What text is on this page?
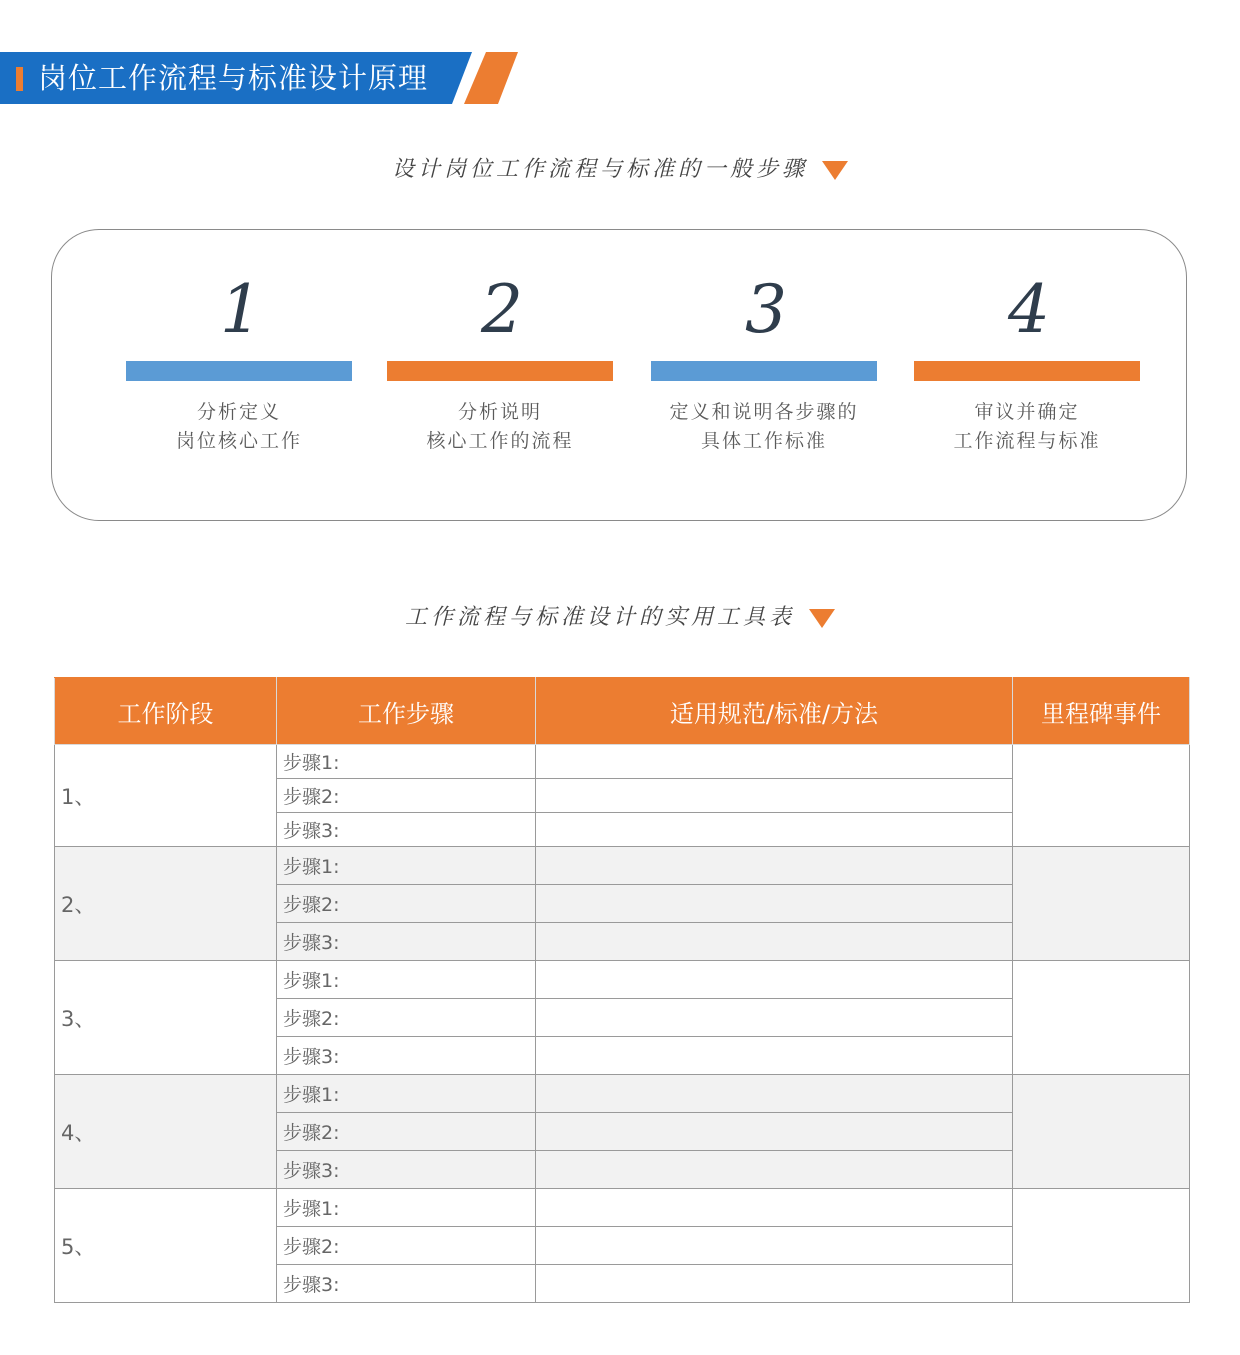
岗位工作流程与标准设计原理
设计岗位工作流程与标准的一般步骤
1
分析定义
岗位核心工作
2
分析说明
核心工作的流程
3
定义和说明各步骤的
具体工作标准
4
审议并确定
工作流程与标准
工作流程与标准设计的实用工具表
工作阶段	工作步骤	适用规范/标准/方法	里程碑事件
1、	步骤1:		
	步骤2:		
	步骤3:		
2、	步骤1:		
	步骤2:		
	步骤3:		
3、	步骤1:		
	步骤2:		
	步骤3:		
4、	步骤1:		
	步骤2:		
	步骤3:		
5、	步骤1:		
	步骤2:		
	步骤3:		
